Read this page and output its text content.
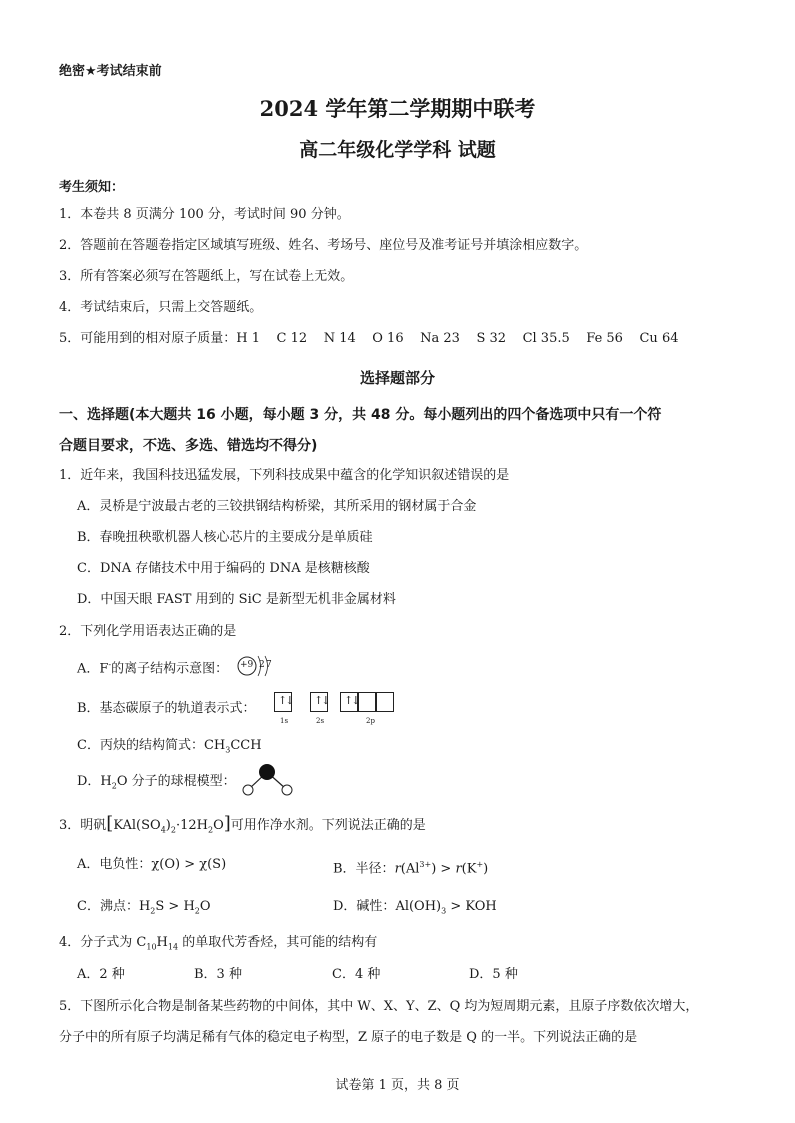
绝密★考试结束前
2024 学年第二学期期中联考
高二年级化学学科 试题
考生须知：
1．本卷共 8 页满分 100 分，考试时间 90 分钟。
2．答题前在答题卷指定区域填写班级、姓名、考场号、座位号及准考证号并填涂相应数字。
3．所有答案必须写在答题纸上，写在试卷上无效。
4．考试结束后，只需上交答题纸。
5．可能用到的相对原子质量：H 1    C 12    N 14    O 16    Na 23    S 32    Cl 35.5    Fe 56    Cu 64
选择题部分
一、选择题(本大题共 16 小题，每小题 3 分，共 48 分。每小题列出的四个备选项中只有一个符
合题目要求，不选、多选、错选均不得分)
1．近年来，我国科技迅猛发展，下列科技成果中蕴含的化学知识叙述错误的是
A．灵桥是宁波最古老的三铰拱钢结构桥梁，其所采用的钢材属于合金
B．春晚扭秧歌机器人核心芯片的主要成分是单质硅
C．DNA 存储技术中用于编码的 DNA 是核糖核酸
D．中国天眼 FAST 用到的 SiC 是新型无机非金属材料
2．下列化学用语表达正确的是
A．F-的离子结构示意图： +9 2 7
B．基态碳原子的轨道表示式：
↑↓ ↑↓ ↑↓
1s	2s	2p
C．丙炔的结构简式：$CH_3CCH$
D．$H_2O$ 分子的球棍模型：
3．明矾$[KAl(SO_4)_2\cdot 12H_2O]$可用作净水剂。下列说法正确的是
A．电负性：χ(O) > χ(S)	B．半径：$r(Al^{3+}) > r(K^+)$
C．沸点：$H_2S > H_2O$	D．碱性：$Al(OH)_3$ > KOH
4．分子式为 $C_{10}H_{14}$ 的单取代芳香烃，其可能的结构有
A．2 种	B．3 种	C．4 种	D．5 种
5．下图所示化合物是制备某些药物的中间体，其中 W、X、Y、Z、Q 均为短周期元素，且原子序数依次增大，
分子中的所有原子均满足稀有气体的稳定电子构型，Z 原子的电子数是 Q 的一半。下列说法正确的是
试卷第 1 页，共 8 页
